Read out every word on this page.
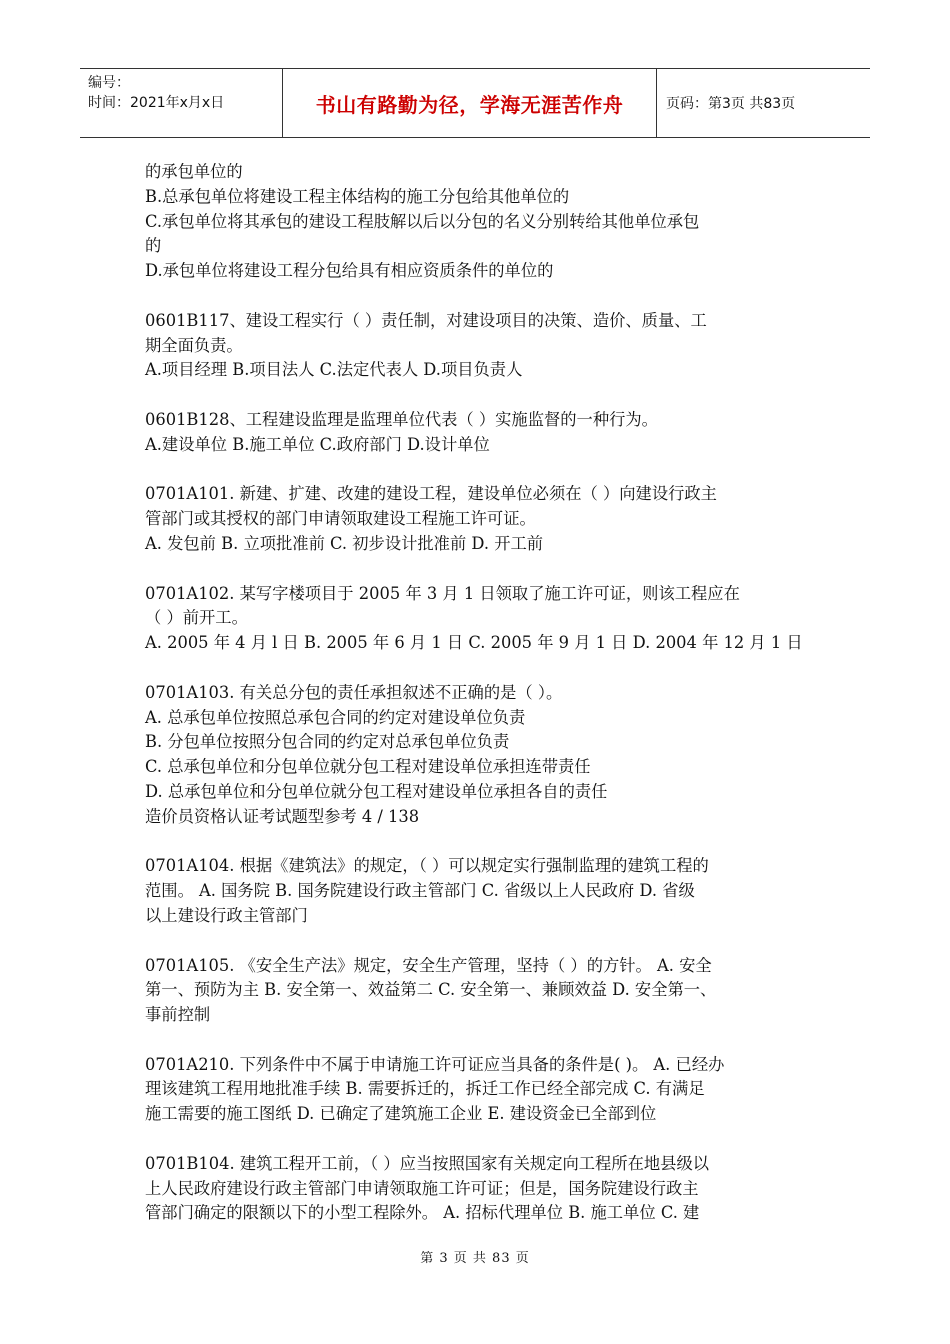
编号：
时间：2021年x月x日	书山有路勤为径，学海无涯苦作舟	页码：第3页 共83页
的承包单位的
B.总承包单位将建设工程主体结构的施工分包给其他单位的
C.承包单位将其承包的建设工程肢解以后以分包的名义分别转给其他单位承包
的
D.承包单位将建设工程分包给具有相应资质条件的单位的
0601B117、建设工程实行（ ）责任制，对建设项目的决策、造价、质量、工
期全面负责。
A.项目经理 B.项目法人 C.法定代表人 D.项目负责人
0601B128、工程建设监理是监理单位代表（ ）实施监督的一种行为。
A.建设单位 B.施工单位 C.政府部门 D.设计单位
0701A101. 新建、扩建、改建的建设工程，建设单位必须在（ ）向建设行政主
管部门或其授权的部门申请领取建设工程施工许可证。
A. 发包前 B. 立项批准前 C. 初步设计批准前 D. 开工前
0701A102. 某写字楼项目于 2005 年 3 月 1 日领取了施工许可证，则该工程应在
（ ）前开工。
A. 2005 年 4 月 l 日 B. 2005 年 6 月 1 日 C. 2005 年 9 月 1 日 D. 2004 年 12 月 1 日
0701A103. 有关总分包的责任承担叙述不正确的是（ ）。
A. 总承包单位按照总承包合同的约定对建设单位负责
B. 分包单位按照分包合同的约定对总承包单位负责
C. 总承包单位和分包单位就分包工程对建设单位承担连带责任
D. 总承包单位和分包单位就分包工程对建设单位承担各自的责任
造价员资格认证考试题型参考 4 / 138
0701A104. 根据《建筑法》的规定，（ ）可以规定实行强制监理的建筑工程的
范围。 A. 国务院 B. 国务院建设行政主管部门 C. 省级以上人民政府 D. 省级
以上建设行政主管部门
0701A105. 《安全生产法》规定，安全生产管理，坚持（ ）的方针。 A. 安全
第一、预防为主 B. 安全第一、效益第二 C. 安全第一、兼顾效益 D. 安全第一、
事前控制
0701A210. 下列条件中不属于申请施工许可证应当具备的条件是( )。 A. 已经办
理该建筑工程用地批准手续 B. 需要拆迁的，拆迁工作已经全部完成 C. 有满足
施工需要的施工图纸 D. 已确定了建筑施工企业 E. 建设资金已全部到位
0701B104. 建筑工程开工前，（ ）应当按照国家有关规定向工程所在地县级以
上人民政府建设行政主管部门申请领取施工许可证；但是，国务院建设行政主
管部门确定的限额以下的小型工程除外。 A. 招标代理单位 B. 施工单位 C. 建
第 3 页 共 83 页
